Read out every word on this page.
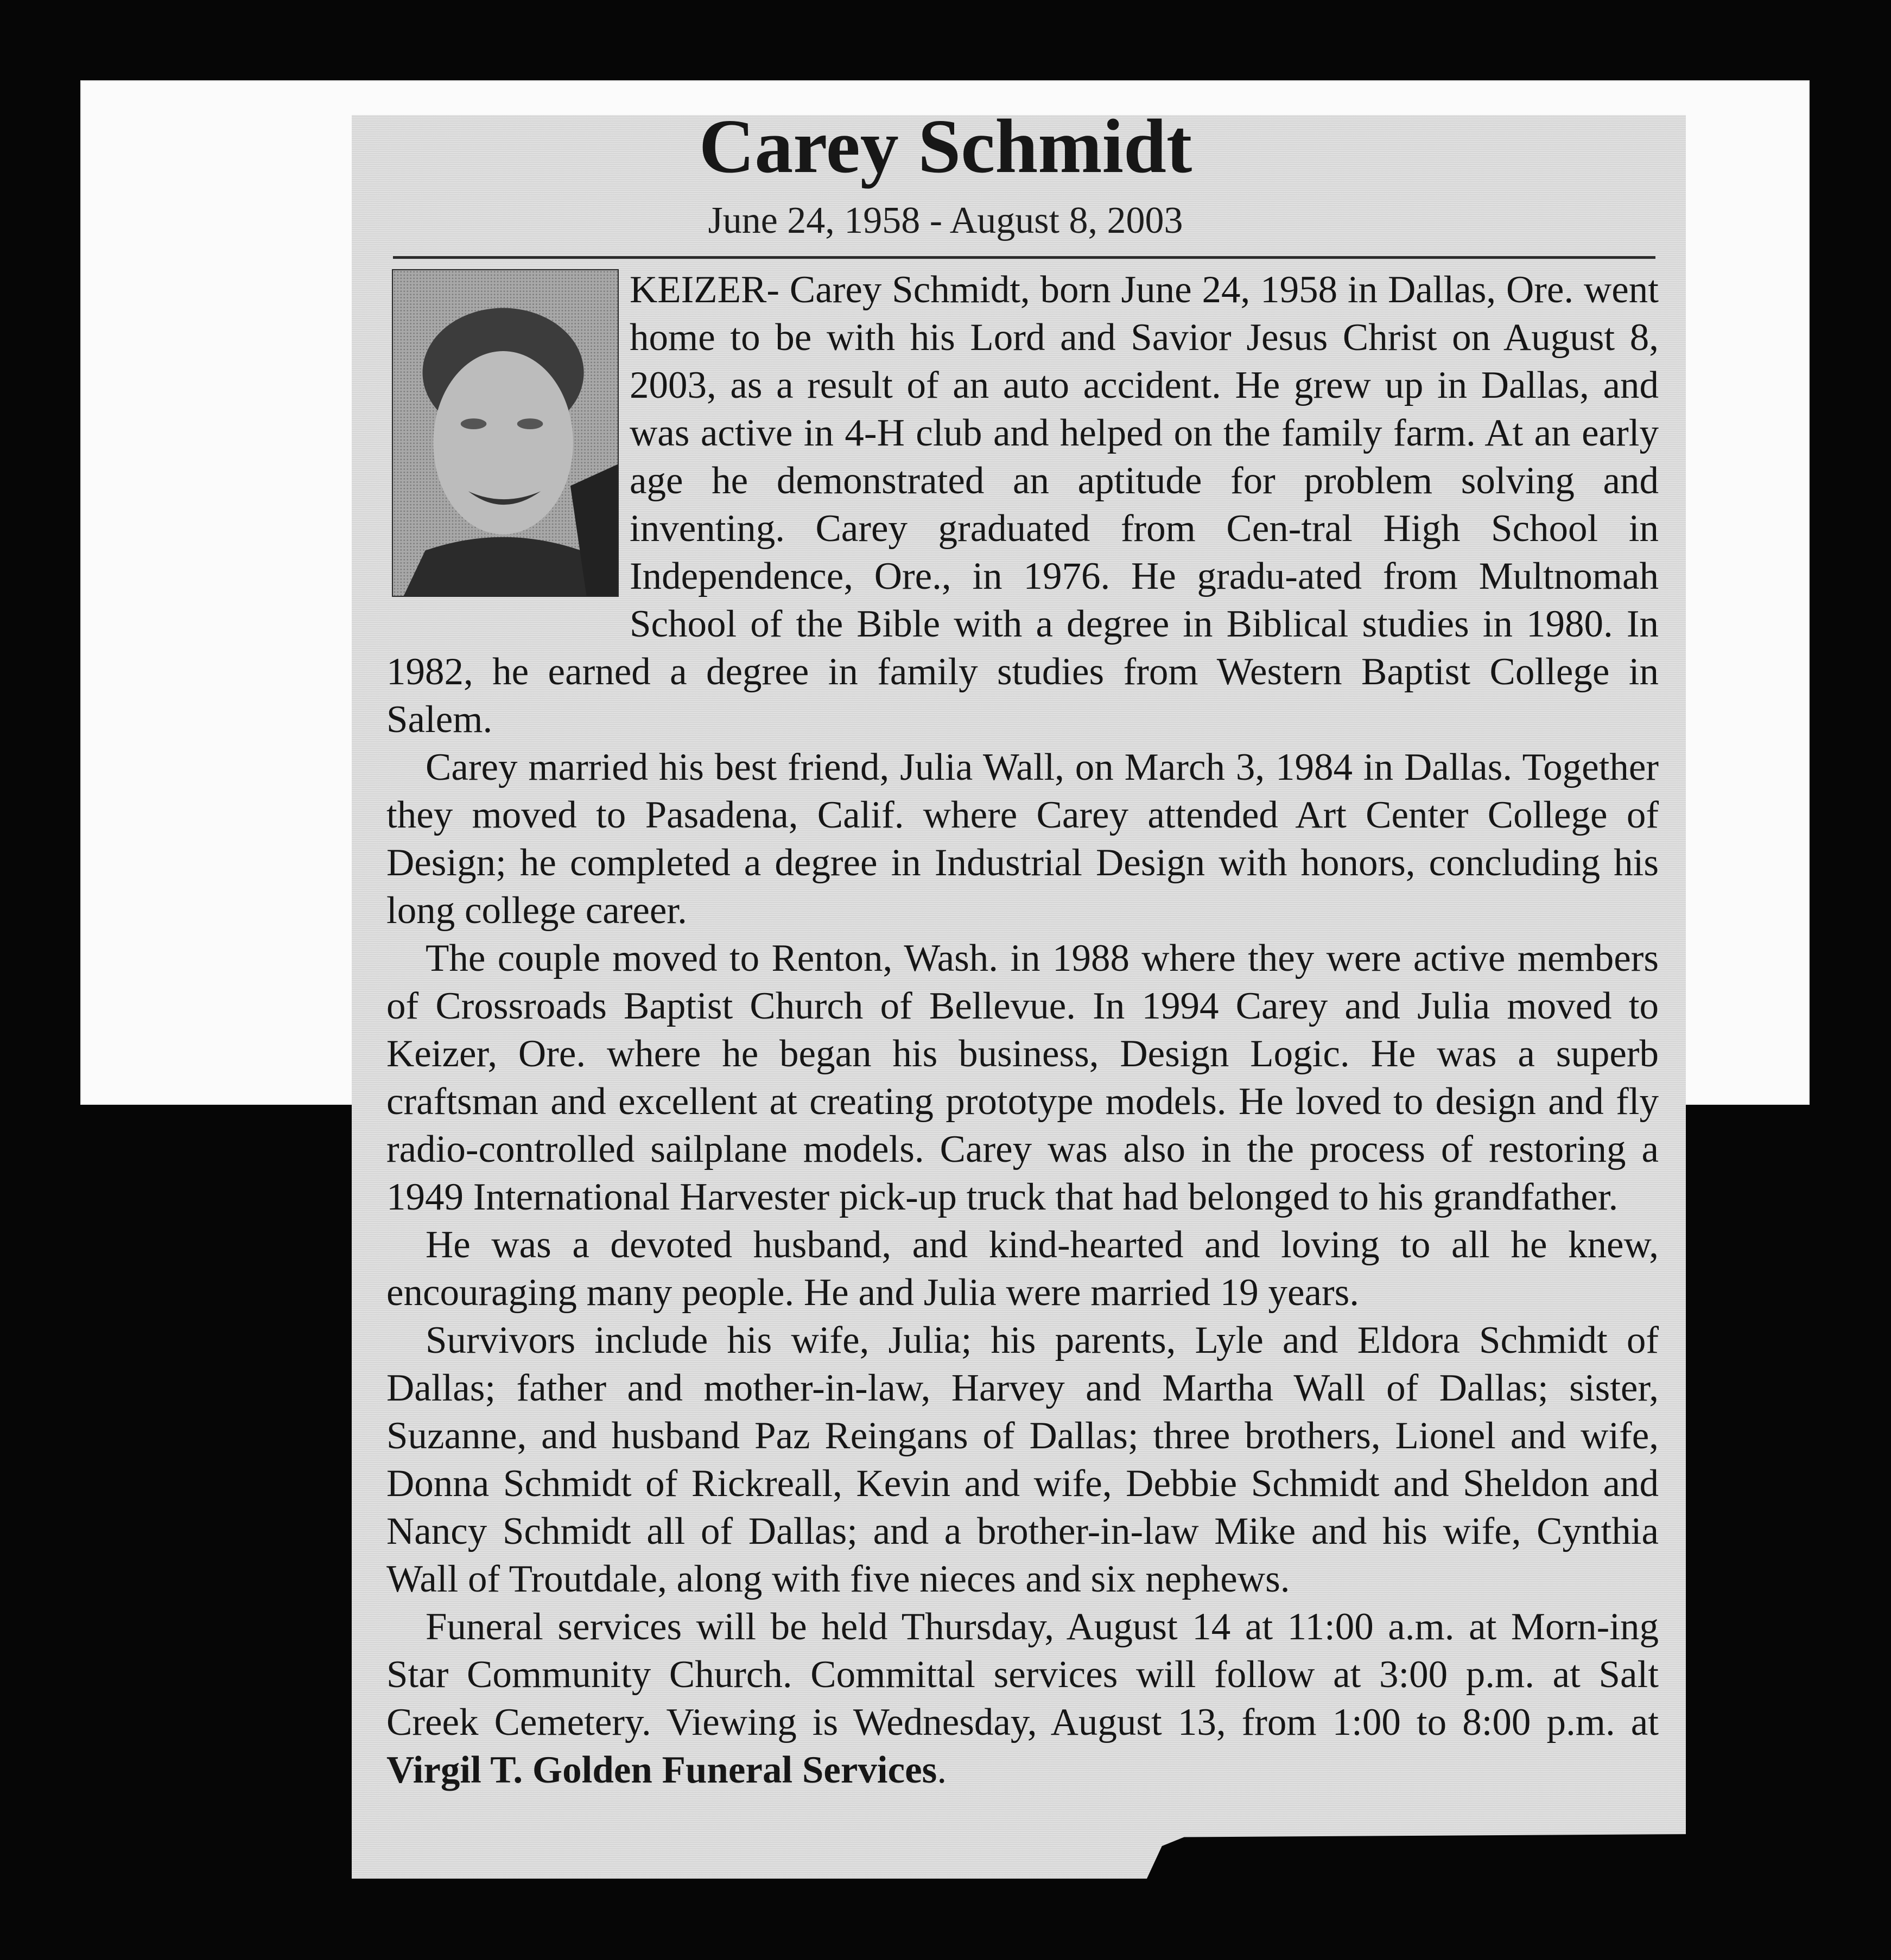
Carey Schmidt
June 24, 1958 - August 8, 2003

KEIZER- Carey Schmidt, born June 24, 1958 in Dallas, Ore. went home to be with his Lord and Savior Jesus Christ on August 8, 2003, as a result of an auto accident. He grew up in Dallas, and was active in 4-H club and helped on the family farm. At an early age he demonstrated an aptitude for problem solving and inventing. Carey graduated from Cen-tral High School in Independence, Ore., in 1976. He gradu-ated from Multnomah School of the Bible with a degree in Biblical studies in 1980. In 1982, he earned a degree in family studies from Western Baptist College in Salem.

Carey married his best friend, Julia Wall, on March 3, 1984 in Dallas. Together they moved to Pasadena, Calif. where Carey attended Art Center College of Design; he completed a degree in Industrial Design with honors, concluding his long college career.

The couple moved to Renton, Wash. in 1988 where they were active members of Crossroads Baptist Church of Bellevue. In 1994 Carey and Julia moved to Keizer, Ore. where he began his business, Design Logic. He was a superb craftsman and excellent at creating prototype models. He loved to design and fly radio-controlled sailplane models. Carey was also in the process of restoring a 1949 International Harvester pick-up truck that had belonged to his grandfather.

He was a devoted husband, and kind-hearted and loving to all he knew, encouraging many people. He and Julia were married 19 years.

Survivors include his wife, Julia; his parents, Lyle and Eldora Schmidt of Dallas; father and mother-in-law, Harvey and Martha Wall of Dallas; sister, Suzanne, and husband Paz Reingans of Dallas; three brothers, Lionel and wife, Donna Schmidt of Rickreall, Kevin and wife, Debbie Schmidt and Sheldon and Nancy Schmidt all of Dallas; and a brother-in-law Mike and his wife, Cynthia Wall of Troutdale, along with five nieces and six nephews.

Funeral services will be held Thursday, August 14 at 11:00 a.m. at Morn-ing Star Community Church. Committal services will follow at 3:00 p.m. at Salt Creek Cemetery. Viewing is Wednesday, August 13, from 1:00 to 8:00 p.m. at Virgil T. Golden Funeral Services.
